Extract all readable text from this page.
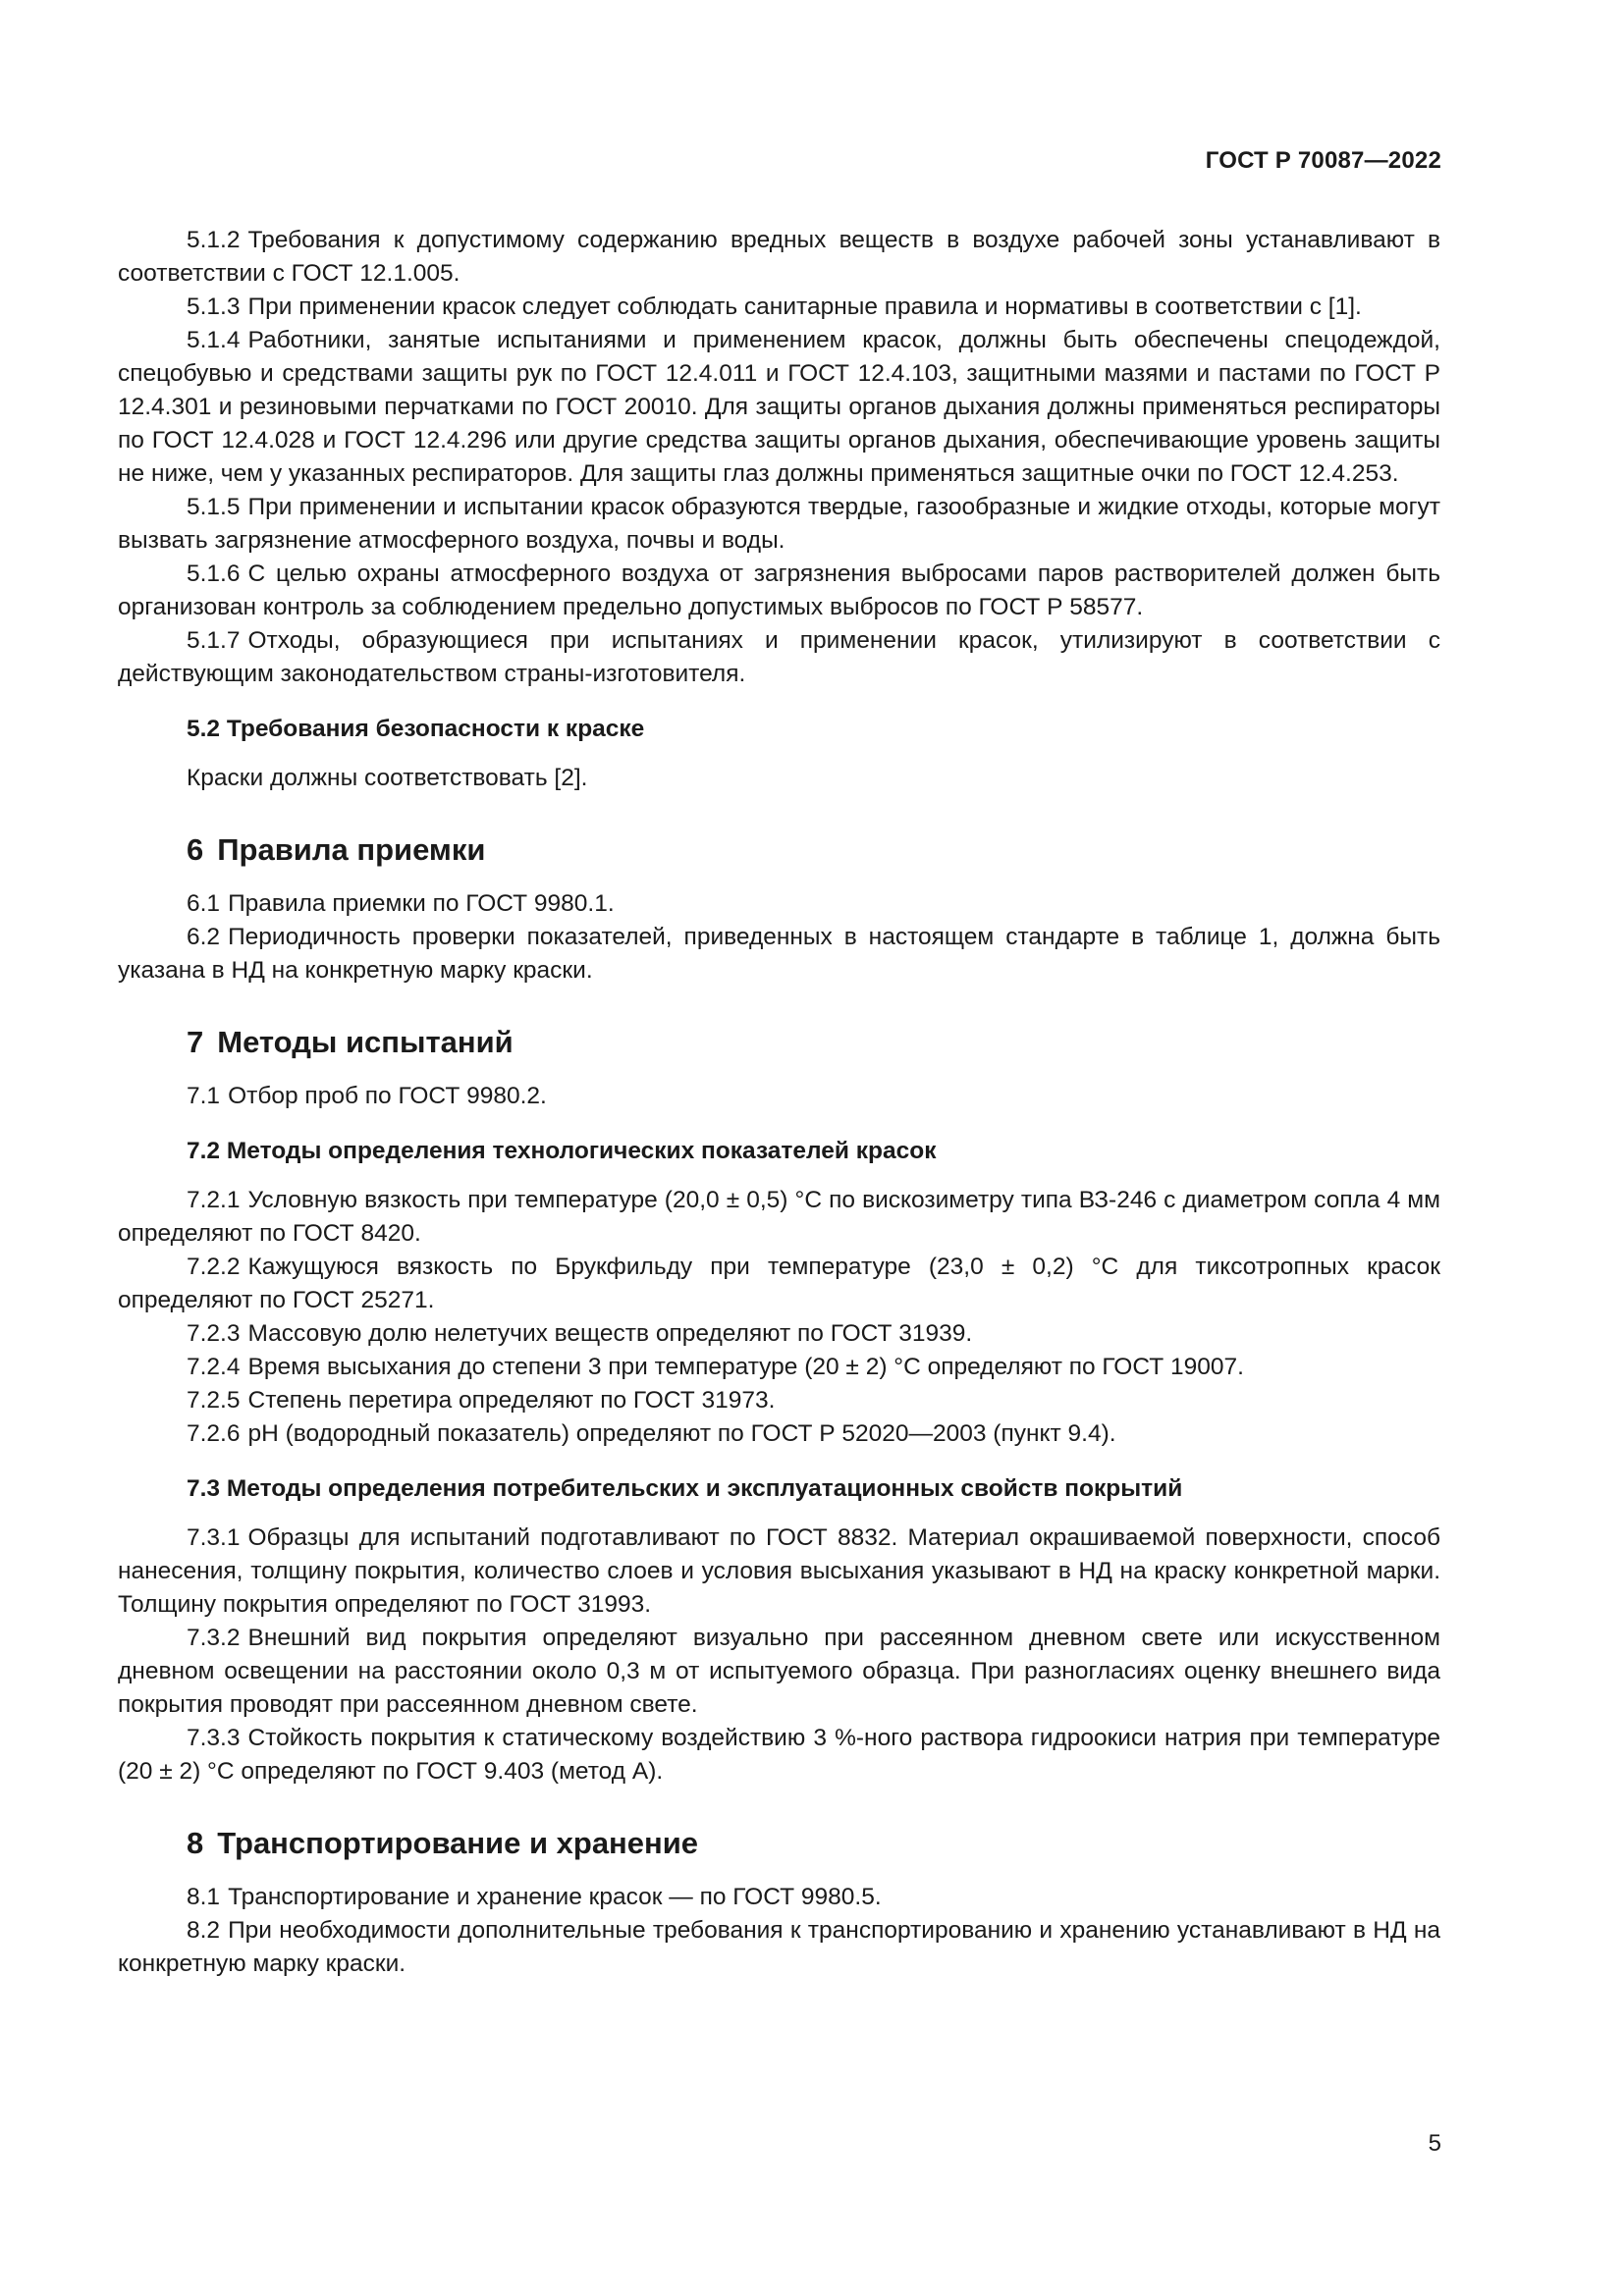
ГОСТ Р 70087—2022

5.1.2 Требования к допустимому содержанию вредных веществ в воздухе рабочей зоны устанавливают в соответствии с ГОСТ 12.1.005.

5.1.3 При применении красок следует соблюдать санитарные правила и нормативы в соответствии с [1].

5.1.4 Работники, занятые испытаниями и применением красок, должны быть обеспечены спецодеждой, спецобувью и средствами защиты рук по ГОСТ 12.4.011 и ГОСТ 12.4.103, защитными мазями и пастами по ГОСТ Р 12.4.301 и резиновыми перчатками по ГОСТ 20010. Для защиты органов дыхания должны применяться респираторы по ГОСТ 12.4.028 и ГОСТ 12.4.296 или другие средства защиты органов дыхания, обеспечивающие уровень защиты не ниже, чем у указанных респираторов. Для защиты глаз должны применяться защитные очки по ГОСТ 12.4.253.

5.1.5 При применении и испытании красок образуются твердые, газообразные и жидкие отходы, которые могут вызвать загрязнение атмосферного воздуха, почвы и воды.

5.1.6 С целью охраны атмосферного воздуха от загрязнения выбросами паров растворителей должен быть организован контроль за соблюдением предельно допустимых выбросов по ГОСТ Р 58577.

5.1.7 Отходы, образующиеся при испытаниях и применении красок, утилизируют в соответствии с действующим законодательством страны-изготовителя.

5.2 Требования безопасности к краске

Краски должны соответствовать [2].

6 Правила приемки

6.1 Правила приемки по ГОСТ 9980.1.

6.2 Периодичность проверки показателей, приведенных в настоящем стандарте в таблице 1, должна быть указана в НД на конкретную марку краски.

7 Методы испытаний

7.1 Отбор проб по ГОСТ 9980.2.

7.2 Методы определения технологических показателей красок

7.2.1 Условную вязкость при температуре (20,0 ± 0,5) °С по вискозиметру типа ВЗ-246 с диаметром сопла 4 мм определяют по ГОСТ 8420.

7.2.2 Кажущуюся вязкость по Брукфильду при температуре (23,0 ± 0,2) °С для тиксотропных красок определяют по ГОСТ 25271.

7.2.3 Массовую долю нелетучих веществ определяют по ГОСТ 31939.

7.2.4 Время высыхания до степени 3 при температуре (20 ± 2) °С определяют по ГОСТ 19007.

7.2.5 Степень перетира определяют по ГОСТ 31973.

7.2.6 pH (водородный показатель) определяют по ГОСТ Р 52020—2003 (пункт 9.4).

7.3 Методы определения потребительских и эксплуатационных свойств покрытий

7.3.1 Образцы для испытаний подготавливают по ГОСТ 8832. Материал окрашиваемой поверхности, способ нанесения, толщину покрытия, количество слоев и условия высыхания указывают в НД на краску конкретной марки. Толщину покрытия определяют по ГОСТ 31993.

7.3.2 Внешний вид покрытия определяют визуально при рассеянном дневном свете или искусственном дневном освещении на расстоянии около 0,3 м от испытуемого образца. При разногласиях оценку внешнего вида покрытия проводят при рассеянном дневном свете.

7.3.3 Стойкость покрытия к статическому воздействию 3 %-ного раствора гидроокиси натрия при температуре (20 ± 2) °С определяют по ГОСТ 9.403 (метод А).

8 Транспортирование и хранение

8.1 Транспортирование и хранение красок — по ГОСТ 9980.5.

8.2 При необходимости дополнительные требования к транспортированию и хранению устанавливают в НД на конкретную марку краски.

5
